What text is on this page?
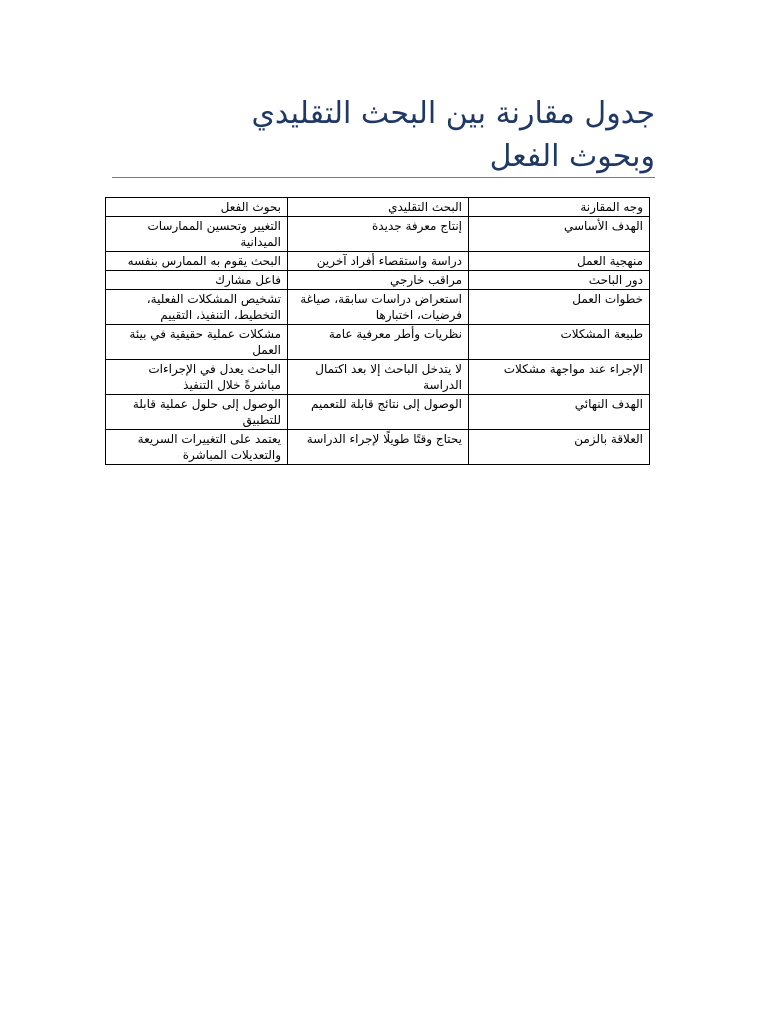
جدول مقارنة بين البحث التقليدي
وبحوث الفعل
وجه المقارنة	البحث التقليدي	بحوث الفعل
الهدف الأساسي	إنتاج معرفة جديدة	التغيير وتحسين الممارسات الميدانية
منهجية العمل	دراسة واستقصاء أفراد آخرين	البحث يقوم به الممارس بنفسه
دور الباحث	مراقب خارجي	فاعل مشارك
خطوات العمل	استعراض دراسات سابقة، صياغة فرضيات، اختبارها	تشخيص المشكلات الفعلية، التخطيط، التنفيذ، التقييم
طبيعة المشكلات	نظريات وأطر معرفية عامة	مشكلات عملية حقيقية في بيئة العمل
الإجراء عند مواجهة مشكلات	لا يتدخل الباحث إلا بعد اكتمال الدراسة	الباحث يعدل في الإجراءات مباشرةً خلال التنفيذ
الهدف النهائي	الوصول إلى نتائج قابلة للتعميم	الوصول إلى حلول عملية قابلة للتطبيق
العلاقة بالزمن	يحتاج وقتًا طويلًا لإجراء الدراسة	يعتمد على التغييرات السريعة والتعديلات المباشرة
